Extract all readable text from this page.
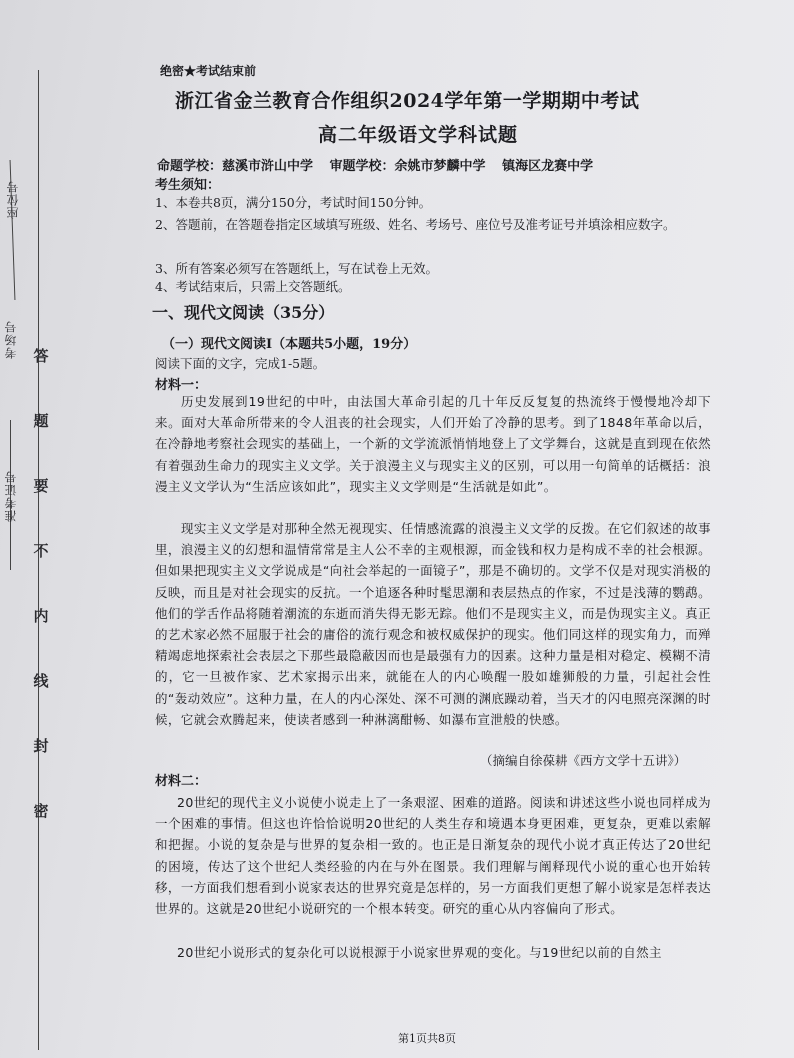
座位号
考场号
准考证号
答
题
要
不
内
线
封
密
绝密★考试结束前
浙江省金兰教育合作组织2024学年第一学期期中考试
高二年级语文学科试题
命题学校：慈溪市浒山中学 审题学校：余姚市梦麟中学 镇海区龙赛中学
考生须知：
1、本卷共8页，满分150分，考试时间150分钟。
2、答题前，在答题卷指定区域填写班级、姓名、考场号、座位号及准考证号并填涂相应数字。
3、所有答案必须写在答题纸上，写在试卷上无效。
一、现代文阅读（35分）
4、考试结束后，只需上交答题纸。
（一）现代文阅读Ⅰ（本题共5小题，19分）
阅读下面的文字，完成1-5题。
材料一：
历史发展到19世纪的中叶，由法国大革命引起的几十年反反复复的热流终于慢慢地冷却下来。面对大革命所带来的令人沮丧的社会现实，人们开始了冷静的思考。到了1848年革命以后，在冷静地考察社会现实的基础上，一个新的文学流派悄悄地登上了文学舞台，这就是直到现在依然有着强劲生命力的现实主义文学。关于浪漫主义与现实主义的区别，可以用一句简单的话概括：浪漫主义文学认为“生活应该如此”，现实主义文学则是“生活就是如此”。
现实主义文学是对那种全然无视现实、任情感流露的浪漫主义文学的反拨。在它们叙述的故事里，浪漫主义的幻想和温情常常是主人公不幸的主观根源，而金钱和权力是构成不幸的社会根源。但如果把现实主义文学说成是“向社会举起的一面镜子”，那是不确切的。文学不仅是对现实消极的反映，而且是对社会现实的反抗。一个追逐各种时髦思潮和表层热点的作家，不过是浅薄的鹦鹉。他们的学舌作品将随着潮流的东逝而消失得无影无踪。他们不是现实主义，而是伪现实主义。真正的艺术家必然不屈服于社会的庸俗的流行观念和被权威保护的现实。他们同这样的现实角力，而殚精竭虑地探索社会表层之下那些最隐蔽因而也是最强有力的因素。这种力量是相对稳定、模糊不清的，它一旦被作家、艺术家揭示出来，就能在人的内心唤醒一股如雄狮般的力量，引起社会性的“轰动效应”。这种力量，在人的内心深处、深不可测的渊底躁动着，当天才的闪电照亮深渊的时候，它就会欢腾起来，使读者感到一种淋漓酣畅、如瀑布宣泄般的快感。
（摘编自徐葆耕《西方文学十五讲》）
材料二：
20世纪的现代主义小说使小说走上了一条艰涩、困难的道路。阅读和讲述这些小说也同样成为一个困难的事情。但这也许恰恰说明20世纪的人类生存和境遇本身更困难，更复杂，更难以索解和把握。小说的复杂是与世界的复杂相一致的。也正是日渐复杂的现代小说才真正传达了20世纪的困境，传达了这个世纪人类经验的内在与外在图景。我们理解与阐释现代小说的重心也开始转移，一方面我们想看到小说家表达的世界究竟是怎样的，另一方面我们更想了解小说家是怎样表达世界的。这就是20世纪小说研究的一个根本转变。研究的重心从内容偏向了形式。
20世纪小说形式的复杂化可以说根源于小说家世界观的变化。与19世纪以前的自然主
第1页共8页
